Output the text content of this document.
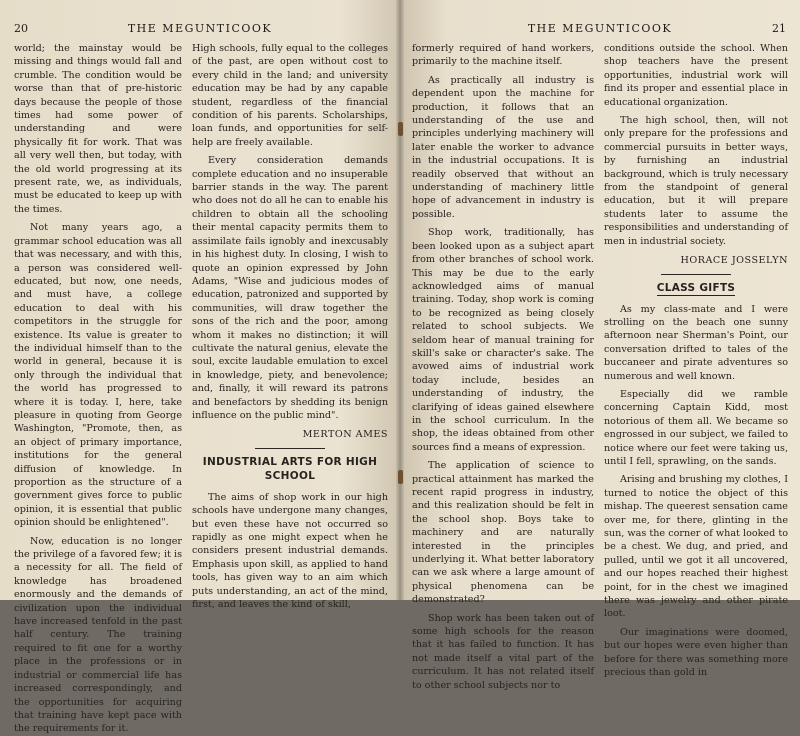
20	THE MEGUNTICOOK

world; the mainstay would be missing and things would fall and crumble. The condition would be worse than that of pre-historic days because the people of those times had some power of understanding and were physically fit for work. That was all very well then, but today, with the old world progressing at its present rate, we, as individuals, must be educated to keep up with the times.

Not many years ago, a grammar school education was all that was necessary, and with this, a person was considered well-educated, but now, one needs, and must have, a college education to deal with his competitors in the struggle for existence. Its value is greater to the individual himself than to the world in general, because it is only through the individual that the world has progressed to where it is today. I, here, take pleasure in quoting from George Washington, "Promote, then, as an object of primary importance, institutions for the general diffusion of knowledge. In proportion as the structure of a government gives force to public opinion, it is essential that public opinion should be enlightened".

Now, education is no longer the privilege of a favored few; it is a necessity for all. The field of knowledge has broadened enormously and the demands of civilization upon the individual have increased tenfold in the past half century. The training required to fit one for a worthy place in the professions or in industrial or commercial life has increased correspondingly, and the opportunities for acquiring that training have kept pace with the requirements for it.

High schools, fully equal to the colleges of the past, are open without cost to every child in the land; and university education may be had by any capable student, regardless of the financial condition of his parents. Scholarships, loan funds, and opportunities for self-help are freely available.

Every consideration demands complete education and no insuperable barrier stands in the way. The parent who does not do all he can to enable his children to obtain all the schooling their mental capacity permits them to assimilate fails ignobly and inexcusably in his highest duty. In closing, I wish to quote an opinion expressed by John Adams, "Wise and judicious modes of education, patronized and supported by communities, will draw together the sons of the rich and the poor, among whom it makes no distinction; it will cultivate the natural genius, elevate the soul, excite laudable emulation to excel in knowledge, piety, and benevolence; and, finally, it will reward its patrons and benefactors by shedding its benign influence on the public mind".

MERTON AMES
INDUSTRIAL ARTS FOR HIGH SCHOOL

The aims of shop work in our high schools have undergone many changes, but even these have not occurred so rapidly as one might expect when he considers present industrial demands. Emphasis upon skill, as applied to hand tools, has given way to an aim which puts understanding, an act of the mind, first, and leaves the kind of skill,

THE MEGUNTICOOK	21

formerly required of hand workers, primarily to the machine itself.

As practically all industry is dependent upon the machine for production, it follows that an understanding of the use and principles underlying machinery will later enable the worker to advance in the industrial occupations. It is readily observed that without an understanding of machinery little hope of advancement in industry is possible.

Shop work, traditionally, has been looked upon as a subject apart from other branches of school work. This may be due to the early acknowledged aims of manual training. Today, shop work is coming to be recognized as being closely related to school subjects. We seldom hear of manual training for skill's sake or character's sake. The avowed aims of industrial work today include, besides an understanding of industry, the clarifying of ideas gained elsewhere in the school curriculum. In the shop, the ideas obtained from other sources find a means of expression.

The application of science to practical attainment has marked the recent rapid progress in industry, and this realization should be felt in the school shop. Boys take to machinery and are naturally interested in the principles underlying it. What better laboratory can we ask where a large amount of physical phenomena can be demonstrated?

Shop work has been taken out of some high schools for the reason that it has failed to function. It has not made itself a vital part of the curriculum. It has not related itself to other school subjects nor to

conditions outside the school. When shop teachers have the present opportunities, industrial work will find its proper and essential place in educational organization.

The high school, then, will not only prepare for the professions and commercial pursuits in better ways, by furnishing an industrial background, which is truly necessary from the standpoint of general education, but it will prepare students later to assume the responsibilities and understanding of men in industrial society.

HORACE JOSSELYN
CLASS GIFTS

As my class-mate and I were strolling on the beach one sunny afternoon near Sherman's Point, our conversation drifted to tales of the buccaneer and pirate adventures so numerous and well known.

Especially did we ramble concerning Captain Kidd, most notorious of them all. We became so engrossed in our subject, we failed to notice where our feet were taking us, until I fell, sprawling, on the sands.

Arising and brushing my clothes, I turned to notice the object of this mishap. The queerest sensation came over me, for there, glinting in the sun, was the corner of what looked to be a chest. We dug, and pried, and pulled, until we got it all uncovered, and our hopes reached their highest point, for in the chest we imagined there was jewelry and other pirate loot.

Our imaginations were doomed, but our hopes were even higher than before for there was something more precious than gold in
